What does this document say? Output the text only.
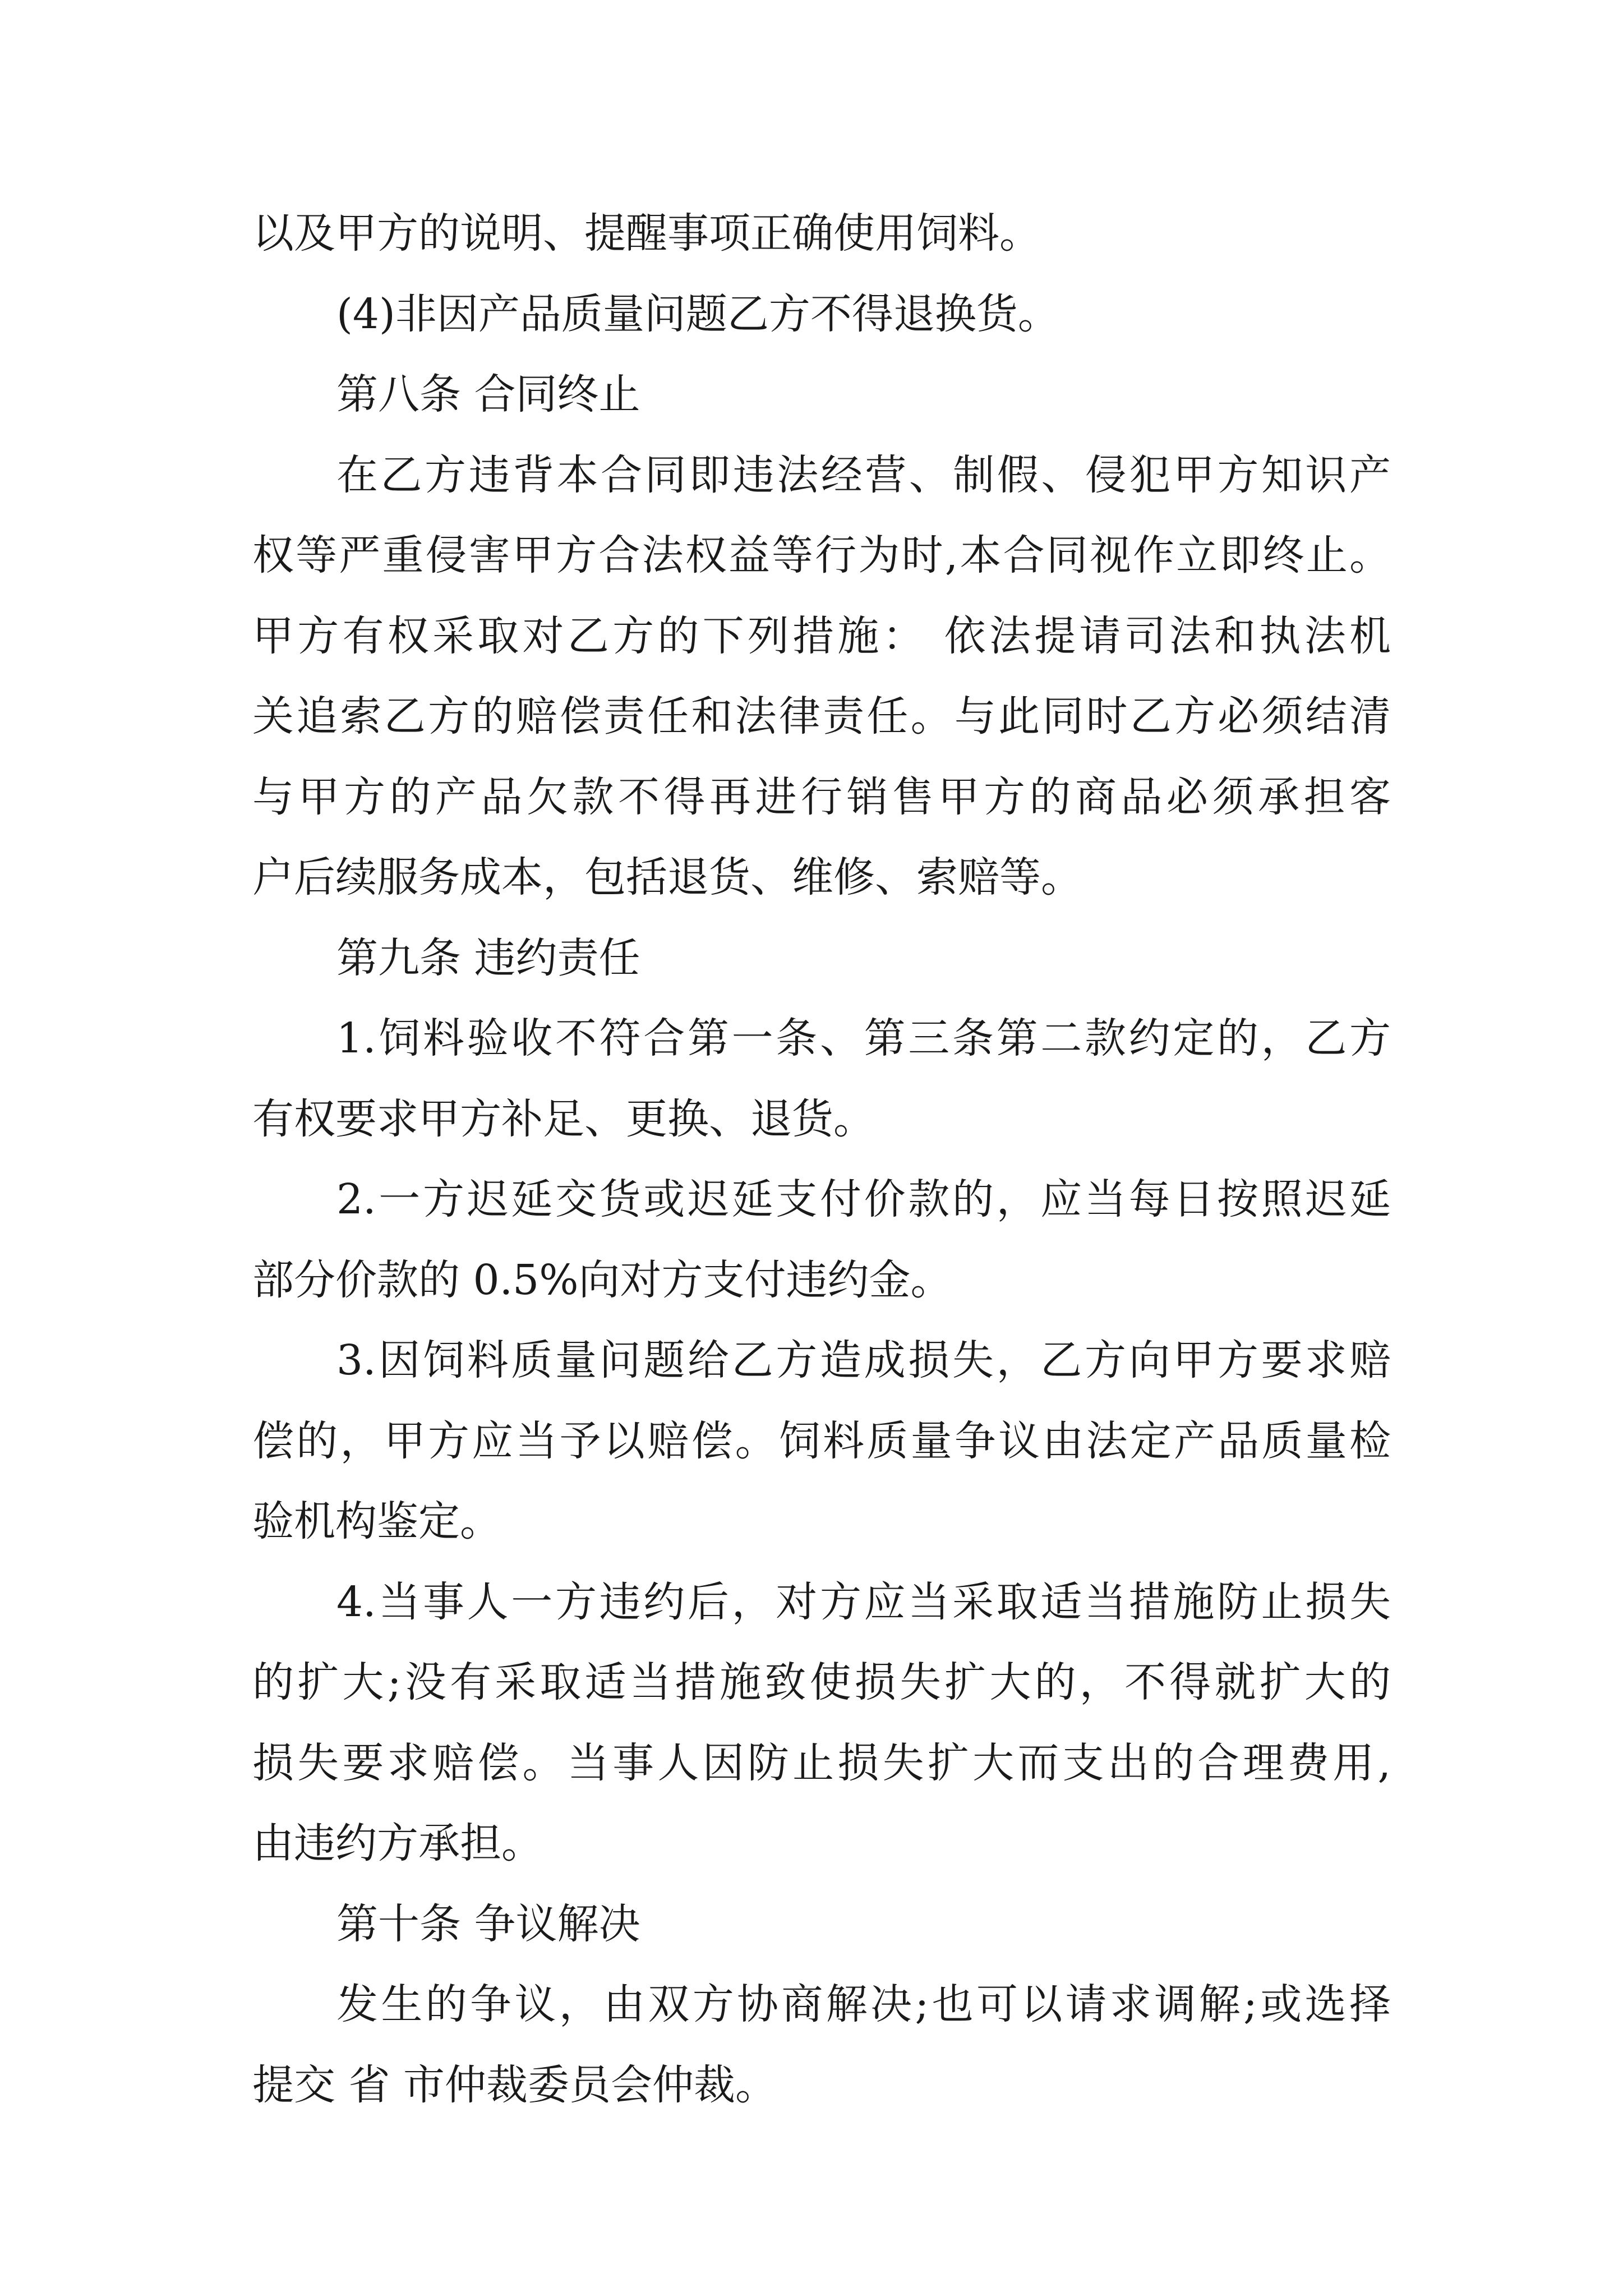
以及甲方的说明、提醒事项正确使用饲料。
(4)非因产品质量问题乙方不得退换货。
第八条 合同终止
在乙方违背本合同即违法经营、制假、侵犯甲方知识产
权等严重侵害甲方合法权益等行为时,本合同视作立即终止。
甲方有权采取对乙方的下列措施： 依法提请司法和执法机
关追索乙方的赔偿责任和法律责任。与此同时乙方必须结清
与甲方的产品欠款不得再进行销售甲方的商品必须承担客
户后续服务成本，包括退货、维修、索赔等。
第九条 违约责任
1.饲料验收不符合第一条、第三条第二款约定的，乙方
有权要求甲方补足、更换、退货。
2.一方迟延交货或迟延支付价款的，应当每日按照迟延
部分价款的 0.5%向对方支付违约金。
3.因饲料质量问题给乙方造成损失，乙方向甲方要求赔
偿的，甲方应当予以赔偿。饲料质量争议由法定产品质量检
验机构鉴定。
4.当事人一方违约后，对方应当采取适当措施防止损失
的扩大;没有采取适当措施致使损失扩大的，不得就扩大的
损失要求赔偿。当事人因防止损失扩大而支出的合理费用,
由违约方承担。
第十条 争议解决
发生的争议，由双方协商解决;也可以请求调解;或选择
提交 省 市仲裁委员会仲裁。
